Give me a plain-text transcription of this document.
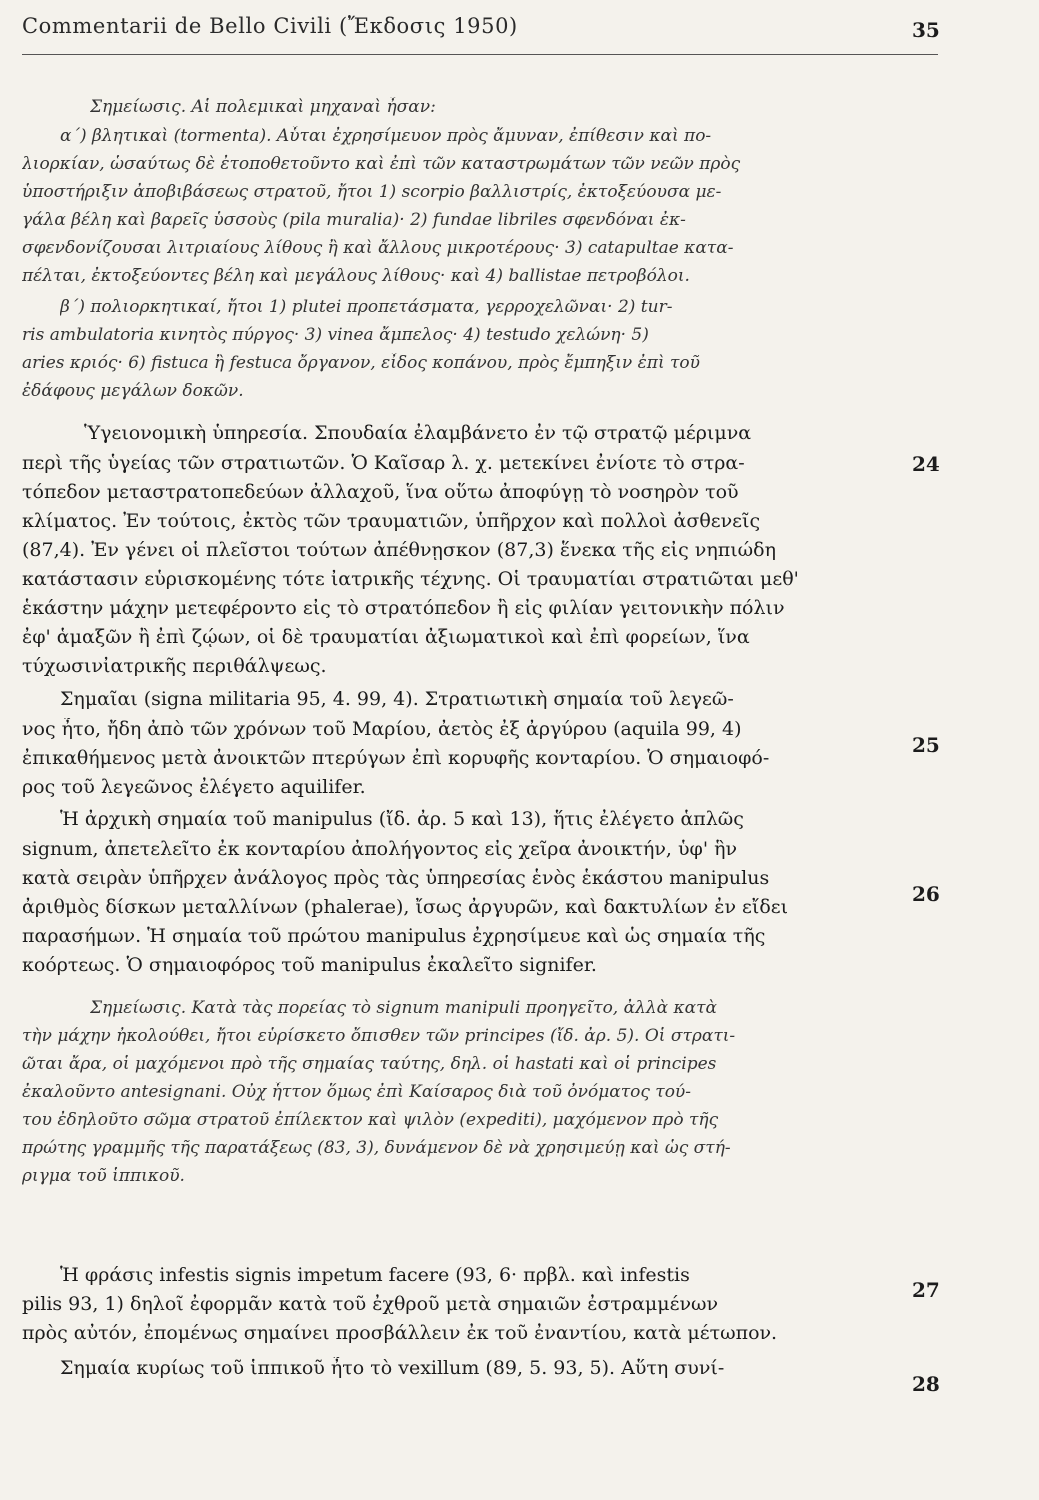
Commentarii de Bello Civili (Ἔκδοσις 1950)	35
Σημείωσις. Αἱ πολεμικαὶ μηχαναὶ ἦσαν:
α΄) βλητικαὶ (tormenta). Αὗται ἐχρησίμευον πρὸς ἄμυναν, ἐπίθεσιν καὶ πο-
λιορκίαν, ὡσαύτως δὲ ἐτοποθετοῦντο καὶ ἐπὶ τῶν καταστρωμάτων τῶν νεῶν πρὸς
ὑποστήριξιν ἀποβιβάσεως στρατοῦ, ἤτοι 1) scorpio βαλλιστρίς, ἐκτοξεύουσα με-
γάλα βέλη καὶ βαρεῖς ὑσσοὺς (pila muralia)· 2) fundae libriles σφενδόναι ἐκ-
σφενδονίζουσαι λιτριαίους λίθους ἢ καὶ ἄλλους μικροτέρους· 3) catapultae κατα-
πέλται, ἐκτοξεύοντες βέλη καὶ μεγάλους λίθους· καὶ 4) ballistae πετροβόλοι.
β΄) πολιορκητικαί, ἤτοι 1) plutei προπετάσματα, γερροχελῶναι· 2) tur-
ris ambulatoria κινητὸς πύργος· 3) vinea ἄμπελος· 4) testudo χελώνη· 5)
aries κριός· 6) fistuca ἢ festuca ὄργανον, εἶδος κοπάνου, πρὸς ἔμπηξιν ἐπὶ τοῦ
ἐδάφους μεγάλων δοκῶν.
Ὑγειονομικὴ ὑπηρεσία. Σπουδαία ἐλαμβάνετο ἐν τῷ στρατῷ μέριμνα
περὶ τῆς ὑγείας τῶν στρατιωτῶν. Ὁ Καῖσαρ λ. χ. μετεκίνει ἐνίοτε τὸ στρα-
τόπεδον μεταστρατοπεδεύων ἀλλαχοῦ, ἵνα οὕτω ἀποφύγῃ τὸ νοσηρὸν τοῦ
κλίματος. Ἐν τούτοις, ἐκτὸς τῶν τραυματιῶν, ὑπῆρχον καὶ πολλοὶ ἀσθενεῖς
(87,4). Ἐν γένει οἱ πλεῖστοι τούτων ἀπέθνῃσκον (87,3) ἕνεκα τῆς εἰς νηπιώδη
κατάστασιν εὑρισκομένης τότε ἰατρικῆς τέχνης. Οἱ τραυματίαι στρατιῶται μεθ'
ἑκάστην μάχην μετεφέροντο εἰς τὸ στρατόπεδον ἢ εἰς φιλίαν γειτονικὴν πόλιν
ἐφ' ἁμαξῶν ἢ ἐπὶ ζῴων, οἱ δὲ τραυματίαι ἀξιωματικοὶ καὶ ἐπὶ φορείων, ἵνα
τύχωσινἰατρικῆς περιθάλψεως.
Σημαῖαι (signa militaria 95, 4. 99, 4). Στρατιωτικὴ σημαία τοῦ λεγεῶ-
νος ἦτο, ἤδη ἀπὸ τῶν χρόνων τοῦ Μαρίου, ἀετὸς ἐξ ἀργύρου (aquila 99, 4)
ἐπικαθήμενος μετὰ ἀνοικτῶν πτερύγων ἐπὶ κορυφῆς κονταρίου. Ὁ σημαιοφό-
ρος τοῦ λεγεῶνος ἐλέγετο aquilifer.
Ἡ ἀρχικὴ σημαία τοῦ manipulus (ἴδ. ἀρ. 5 καὶ 13), ἥτις ἐλέγετο ἁπλῶς
signum, ἀπετελεῖτο ἐκ κονταρίου ἀπολήγοντος εἰς χεῖρα ἀνοικτήν, ὑφ' ἣν
κατὰ σειρὰν ὑπῆρχεν ἀνάλογος πρὸς τὰς ὑπηρεσίας ἑνὸς ἑκάστου manipulus
ἀριθμὸς δίσκων μεταλλίνων (phalerae), ἴσως ἀργυρῶν, καὶ δακτυλίων ἐν εἴδει
παρασήμων. Ἡ σημαία τοῦ πρώτου manipulus ἐχρησίμευε καὶ ὡς σημαία τῆς
κοόρτεως. Ὁ σημαιοφόρος τοῦ manipulus ἐκαλεῖτο signifer.
Σημείωσις. Κατὰ τὰς πορείας τὸ signum manipuli προηγεῖτο, ἀλλὰ κατὰ
τὴν μάχην ἠκολούθει, ἤτοι εὑρίσκετο ὄπισθεν τῶν principes (ἴδ. ἀρ. 5). Οἱ στρατι-
ῶται ἄρα, οἱ μαχόμενοι πρὸ τῆς σημαίας ταύτης, δηλ. οἱ hastati καὶ οἱ principes
ἐκαλοῦντο antesignani. Οὐχ ἧττον ὅμως ἐπὶ Καίσαρος διὰ τοῦ ὀνόματος τού-
του ἐδηλοῦτο σῶμα στρατοῦ ἐπίλεκτον καὶ ψιλὸν (expediti), μαχόμενον πρὸ τῆς
πρώτης γραμμῆς τῆς παρατάξεως (83, 3), δυνάμενον δὲ νὰ χρησιμεύῃ καὶ ὡς στή-
ριγμα τοῦ ἱππικοῦ.
Ἡ φράσις infestis signis impetum facere (93, 6· πρβλ. καὶ infestis
pilis 93, 1) δηλοῖ ἐφορμᾶν κατὰ τοῦ ἐχθροῦ μετὰ σημαιῶν ἐστραμμένων
πρὸς αὐτόν, ἐπομένως σημαίνει προσβάλλειν ἐκ τοῦ ἐναντίου, κατὰ μέτωπον.
Σημαία κυρίως τοῦ ἱππικοῦ ἦτο τὸ vexillum (89, 5. 93, 5). Αὕτη συνί-
24
25
26
27
28
